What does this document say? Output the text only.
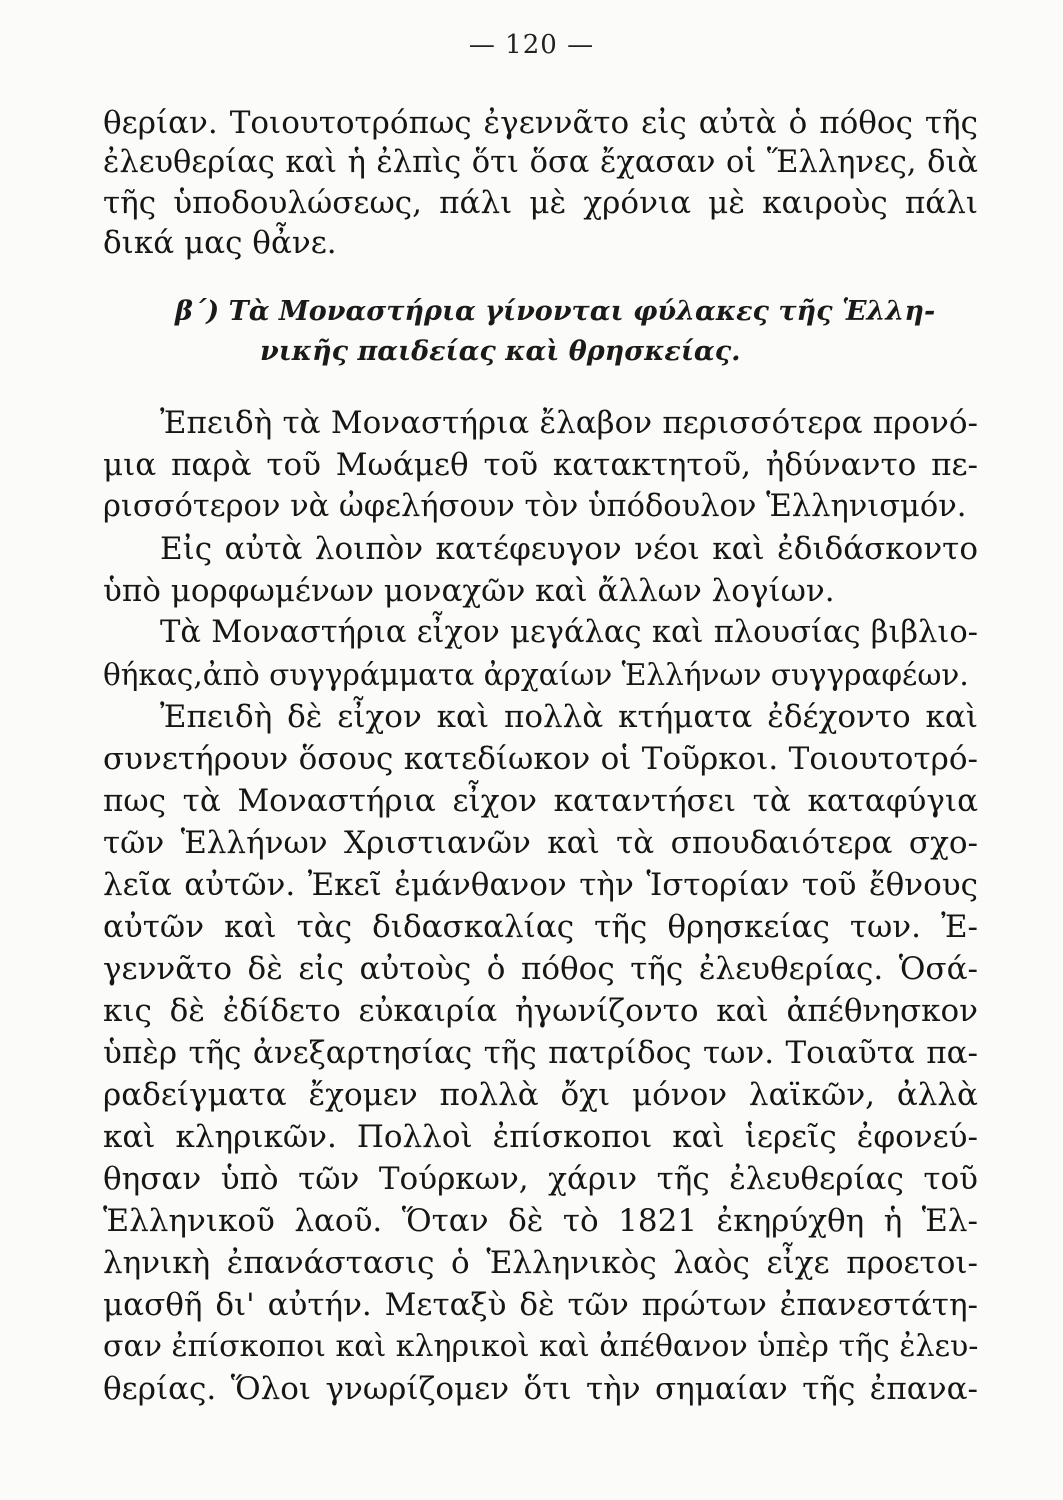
— 120 —
θερίαν. Τοιουτοτρόπως ἐγεννᾶτο εἰς αὐτὰ ὁ πόθος τῆς
ἐλευθερίας καὶ ἡ ἐλπὶς ὅτι ὅσα ἔχασαν οἱ Ἕλληνες, διὰ
τῆς ὑποδουλώσεως, πάλι μὲ χρόνια μὲ καιροὺς πάλι
δικά μας θἆνε.
β΄) Τὰ Μοναστήρια γίνονται φύλακες τῆς Ἑλλη-
νικῆς παιδείας καὶ θρησκείας.
Ἐπειδὴ τὰ Μοναστήρια ἔλαβον περισσότερα προνό-
μια παρὰ τοῦ Μωάμεθ τοῦ κατακτητοῦ, ἠδύναντο πε-
ρισσότερον νὰ ὠφελήσουν τὸν ὑπόδουλον Ἑλληνισμόν.
Εἰς αὐτὰ λοιπὸν κατέφευγον νέοι καὶ ἐδιδάσκοντο
ὑπὸ μορφωμένων μοναχῶν καὶ ἄλλων λογίων.
Τὰ Μοναστήρια εἶχον μεγάλας καὶ πλουσίας βιβλιο-
θήκας,ἀπὸ συγγράμματα ἀρχαίων Ἑλλήνων συγγραφέων.
Ἐπειδὴ δὲ εἶχον καὶ πολλὰ κτήματα ἐδέχοντο καὶ
συνετήρουν ὅσους κατεδίωκον οἱ Τοῦρκοι. Τοιουτοτρό-
πως τὰ Μοναστήρια εἶχον καταντήσει τὰ καταφύγια
τῶν Ἑλλήνων Χριστιανῶν καὶ τὰ σπουδαιότερα σχο-
λεῖα αὐτῶν. Ἐκεῖ ἐμάνθανον τὴν Ἱστορίαν τοῦ ἔθνους
αὐτῶν καὶ τὰς διδασκαλίας τῆς θρησκείας των. Ἐ-
γεννᾶτο δὲ εἰς αὐτοὺς ὁ πόθος τῆς ἐλευθερίας. Ὁσά-
κις δὲ ἐδίδετο εὐκαιρία ἠγωνίζοντο καὶ ἀπέθνησκον
ὑπὲρ τῆς ἀνεξαρτησίας τῆς πατρίδος των. Τοιαῦτα πα-
ραδείγματα ἔχομεν πολλὰ ὄχι μόνον λαϊκῶν, ἀλλὰ
καὶ κληρικῶν. Πολλοὶ ἐπίσκοποι καὶ ἱερεῖς ἐφονεύ-
θησαν ὑπὸ τῶν Τούρκων, χάριν τῆς ἐλευθερίας τοῦ
Ἑλληνικοῦ λαοῦ. Ὅταν δὲ τὸ 1821 ἐκηρύχθη ἡ Ἑλ-
ληνικὴ ἐπανάστασις ὁ Ἑλληνικὸς λαὸς εἶχε προετοι-
μασθῆ δι' αὐτήν. Μεταξὺ δὲ τῶν πρώτων ἐπανεστάτη-
σαν ἐπίσκοποι καὶ κληρικοὶ καὶ ἀπέθανον ὑπὲρ τῆς ἐλευ-
θερίας. Ὅλοι γνωρίζομεν ὅτι τὴν σημαίαν τῆς ἐπανα-
